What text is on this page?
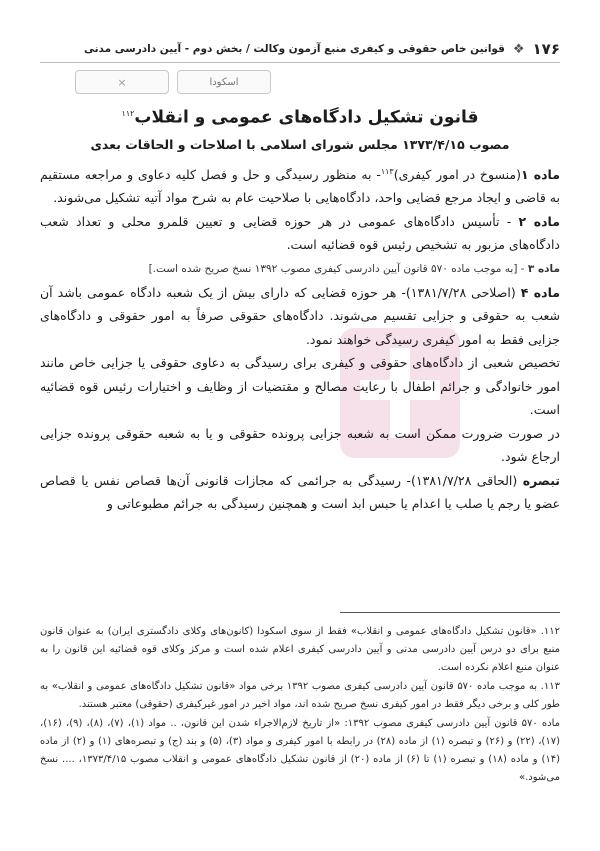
۱۷۶
❖
قوانین خاص حقوقی و کیفری منبع آزمون وکالت / بخش دوم - آیین دادرسی مدنی
×	اسکودا
قانون تشکیل دادگاه‌های عمومی و انقلاب$^{۱۱۲}$
مصوب ۱۳۷۳/۴/۱۵ مجلس شورای اسلامی با اصلاحات و الحاقات بعدی

ماده ۱(منسوخ در امور کیفری)$^{۱۱۳}$- به منظور رسیدگی و حل و فصل کلیه دعاوی و مراجعه مستقیم به قاضی و ایجاد مرجع قضایی واحد، دادگاه‌هایی با صلاحیت عام به شرح مواد آتیه تشکیل می‌شوند.

ماده ۲ - تأسیس دادگاه‌های عمومی در هر حوزه قضایی و تعیین قلمرو محلی و تعداد شعب دادگاه‌های مزبور به تشخیص رئیس قوه قضائیه است.

ماده ۳ - [به موجب ماده ۵۷۰ قانون آیین دادرسی کیفری مصوب ۱۳۹۲ نسخ صریح شده است.]

ماده ۴ (اصلاحی ۱۳۸۱/۷/۲۸)- هر حوزه قضایی که دارای بیش از یک شعبه دادگاه عمومی باشد آن شعب به حقوقی و جزایی تقسیم می‌شوند. دادگاه‌های حقوقی صرفاً به امور حقوقی و دادگاه‌های جزایی فقط به امور کیفری رسیدگی خواهند نمود.

تخصیص شعبی از دادگاه‌های حقوقی و کیفری برای رسیدگی به دعاوی حقوقی یا جزایی خاص مانند امور خانوادگی و جرائم اطفال با رعایت مصالح و مقتضیات از وظایف و اختیارات رئیس قوه قضائیه است.

در صورت ضرورت ممکن است به شعبه جزایی پرونده حقوقی و یا به شعبه حقوقی پرونده جزایی ارجاع شود.

تبصره (الحاقی ۱۳۸۱/۷/۲۸)- رسیدگی به جرائمی که مجازات قانونی آن‌ها قصاص نفس یا قصاص عضو یا رجم یا صلب یا اعدام یا حبس ابد است و همچنین رسیدگی به جرائم مطبوعاتی و

۱۱۲. «قانون تشکیل دادگاه‌های عمومی و انقلاب» فقط از سوی اسکودا (کانون‌های وکلای دادگستری ایران) به عنوان قانون منبع برای دو درس آیین دادرسی مدنی و آیین دادرسی کیفری اعلام شده است و مرکز وکلای قوه قضائیه این قانون را به عنوان منبع اعلام نکرده است.

۱۱۳. به موجب ماده ۵۷۰ قانون آیین دادرسی کیفری مصوب ۱۳۹۲ برخی مواد «قانون تشکیل دادگاه‌های عمومی و انقلاب» به طور کلی و برخی دیگر فقط در امور کیفری نسخ صریح شده اند، مواد اخیر در امور غیرکیفری (حقوقی) معتبر هستند.

ماده ۵۷۰ قانون آیین دادرسی کیفری مصوب ۱۳۹۲: «از تاریخ لازم‌الاجراء شدن این قانون، .. مواد (۱)، (۷)، (۸)، (۹)، (۱۶)، (۱۷)، (۲۲) و (۲۶) و تبصره (۱) از ماده (۲۸) در رابطه با امور کیفری و مواد (۳)، (۵) و بند (ج) و تبصره‌های (۱) و (۲) از ماده (۱۴) و ماده (۱۸) و تبصره (۱) تا (۶) از ماده (۲۰) از قانون تشکیل دادگاه‌های عمومی و انقلاب مصوب ۱۳۷۳/۴/۱۵، .... نسخ می‌شود.»
